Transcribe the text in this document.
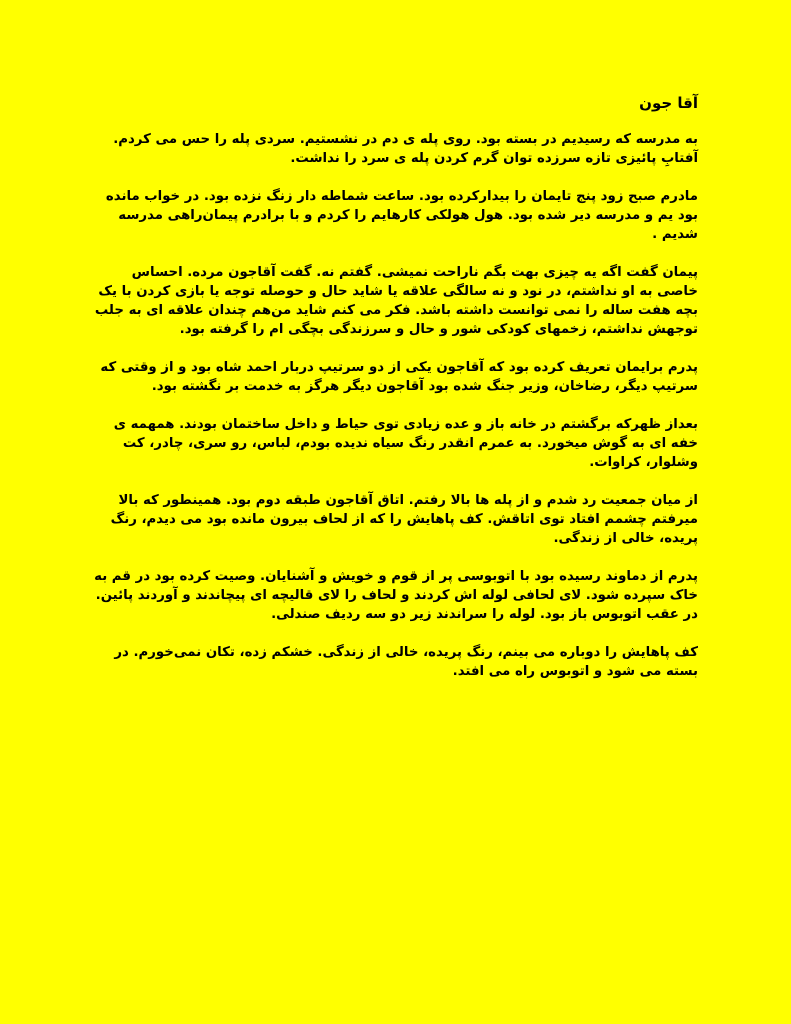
آقا جون

به مدرسه که رسیدیم در بسته بود. روی پله ی دم در نشستیم. سردی پله را حس می کردم. آفتابِ پائیزی تازه سرزده توان گرم کردن پله ی سرد را نداشت.

مادرم صبح زود پنج تایمان را بیدارکرده بود. ساعت شماطه دار زنگ نزده بود. در خواب مانده بود یم و مدرسه دیر شده بود. هول هولکی کارهایم را کردم و با برادرم پیمان‌راهی مدرسه شدیم .

پیمان گفت اگه یه چیزی بهت بگم ناراحت نمیشی. گفتم نه. گفت آقاجون مرده. احساس خاصی به او نداشتم، در نود و نه سالگی علاقه یا شاید حال و حوصله توجه یا بازی کردن با یک بچه هفت ساله را نمی توانست داشته باشد. فکر می کنم شاید من‌هم چندان علاقه ای به جلب توجهش نداشتم، زخمهای کودکی شور و حال و سرزندگی بچگی ام را گرفته بود.

پدرم برایمان تعریف کرده بود که آقاجون یکی از دو سرتیپ دربار احمد شاه بود و از وقتی که سرتیپ دیگر، رضاخان، وزیر جنگ شده بود آقاجون دیگر هرگز به خدمت بر نگشته بود.

بعداز ظهرکه برگشتم در خانه باز و عده زیادی توی حیاط و داخل ساختمان بودند. همهمه ی خفه ای به گوش میخورد. به عمرم انقدر رنگ سیاه ندیده بودم، لباس، رو سری، چادر، کت وشلوار، کراوات.

از میان جمعیت رد شدم و از پله ها بالا رفتم. اتاق آقاجون طبقه دوم بود. همینطور که بالا میرفتم چشمم افتاد توی اتاقش. کف پاهایش را که از لحاف بیرون مانده بود می دیدم، رنگ پریده، خالی از زندگی.

پدرم از دماوند رسیده بود با اتوبوسی پر از قوم و خویش و آشنایان. وصیت کرده بود در قم به خاک سپرده شود. لای لحافی لوله اش کردند و لحاف را لای قالیچه ای پیچاندند و آوردند پائین. در عقب اتوبوس باز بود. لوله را سراندند زیر دو سه ردیف صندلی.

کف پاهایش را دوباره می بینم، رنگ پریده، خالی از زندگی. خشکم زده، تکان نمی‌خورم. در بسته می شود و اتوبوس راه می افتد.
